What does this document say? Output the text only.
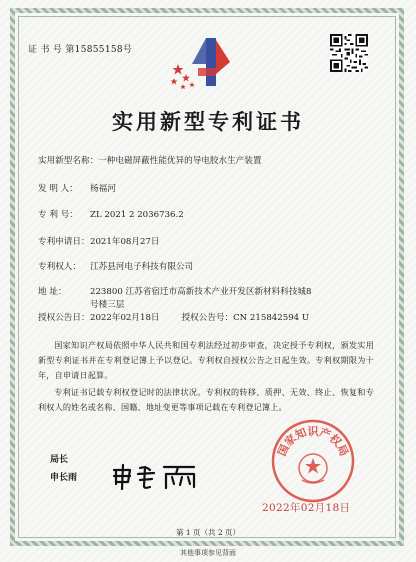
证 书 号 第15855158号
实用新型专利证书
实用新型名称：一种电磁屏蔽性能优异的导电胶水生产装置
发 明 人： 杨福河
专 利 号： ZL 2021 2 2036736.2
专利申请日：2021年08月27日
专利权人： 江苏县河电子科技有限公司
地 址：	223800 江苏省宿迁市高新技术产业开发区新材料科技城8
号楼三层
授权公告日：2022年02月18日	授权公告号：CN 215842594 U
国家知识产权局依照中华人民共和国专利法经过初步审查，决定授予专利权，颁发实用新型专利证书并在专利登记簿上予以登记。专利权自授权公告之日起生效。专利权期限为十年，自申请日起算。
专利证书记载专利权登记时的法律状况。专利权的转移、质押、无效、终止、恢复和专利权人的姓名或名称、国籍、地址变更等事项记载在专利登记簿上。
局长
申长雨
国家知识产权局
2022年02月18日
第 1 页（共 2 页）
其他事项参见背面
